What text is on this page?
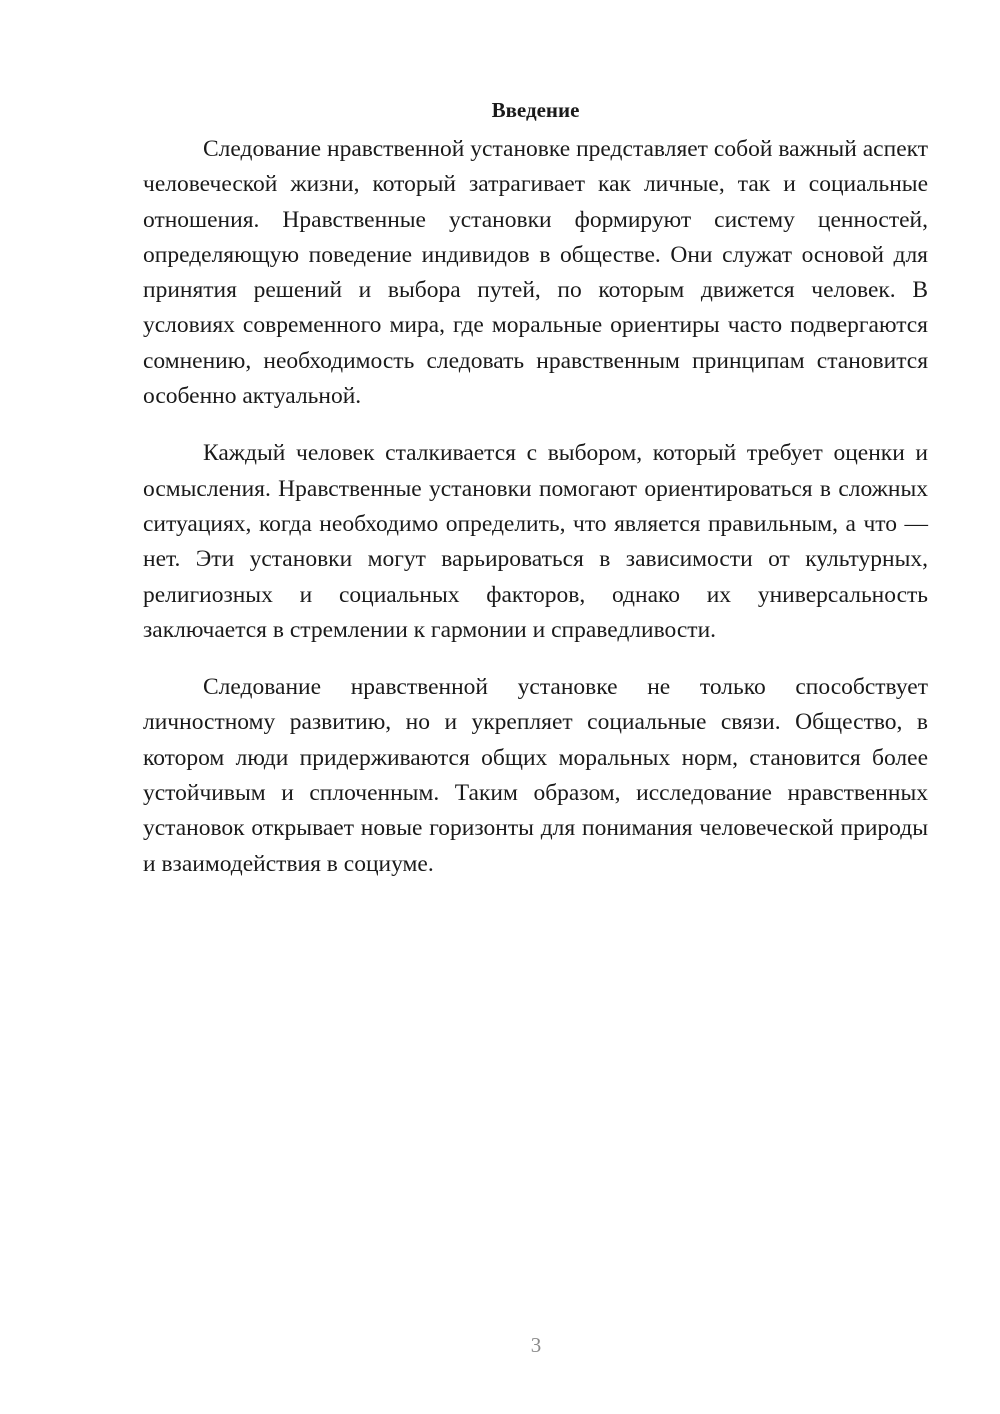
Введение

Следование нравственной установке представляет собой важный аспект человеческой жизни, который затрагивает как личные, так и социальные отношения. Нравственные установки формируют систему ценностей, определяющую поведение индивидов в обществе. Они служат основой для принятия решений и выбора путей, по которым движется человек. В условиях современного мира, где моральные ориентиры часто подвергаются сомнению, необходимость следовать нравственным принципам становится особенно актуальной.

Каждый человек сталкивается с выбором, который требует оценки и осмысления. Нравственные установки помогают ориентироваться в сложных ситуациях, когда необходимо определить, что является правильным, а что — нет. Эти установки могут варьироваться в зависимости от культурных, религиозных и социальных факторов, однако их универсальность заключается в стремлении к гармонии и справедливости.

Следование нравственной установке не только способствует личностному развитию, но и укрепляет социальные связи. Общество, в котором люди придерживаются общих моральных норм, становится более устойчивым и сплоченным. Таким образом, исследование нравственных установок открывает новые горизонты для понимания человеческой природы и взаимодействия в социуме.

3
